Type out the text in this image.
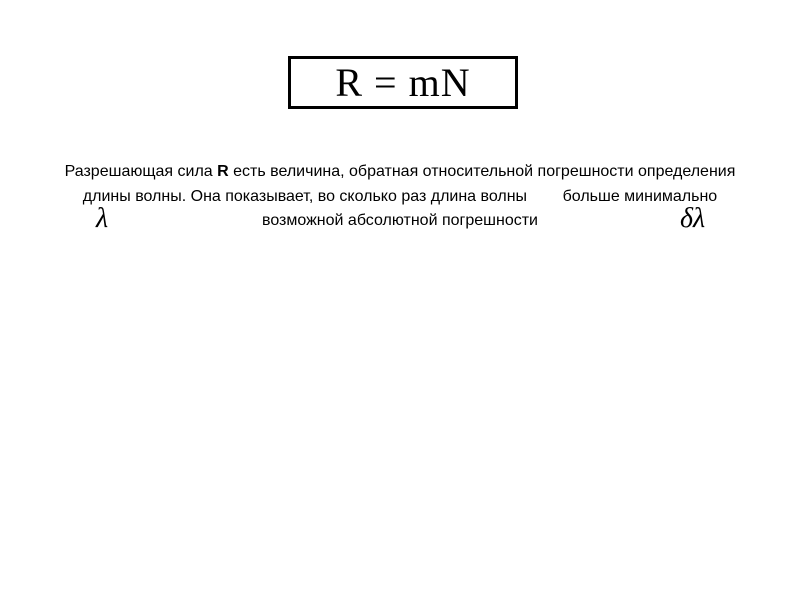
R = mN
Разрешающая сила R есть величина, обратная относительной погрешности определения
длины волны. Она показывает, во сколько раз длина волны        больше минимально
возможной абсолютной погрешности
λ	δλ
